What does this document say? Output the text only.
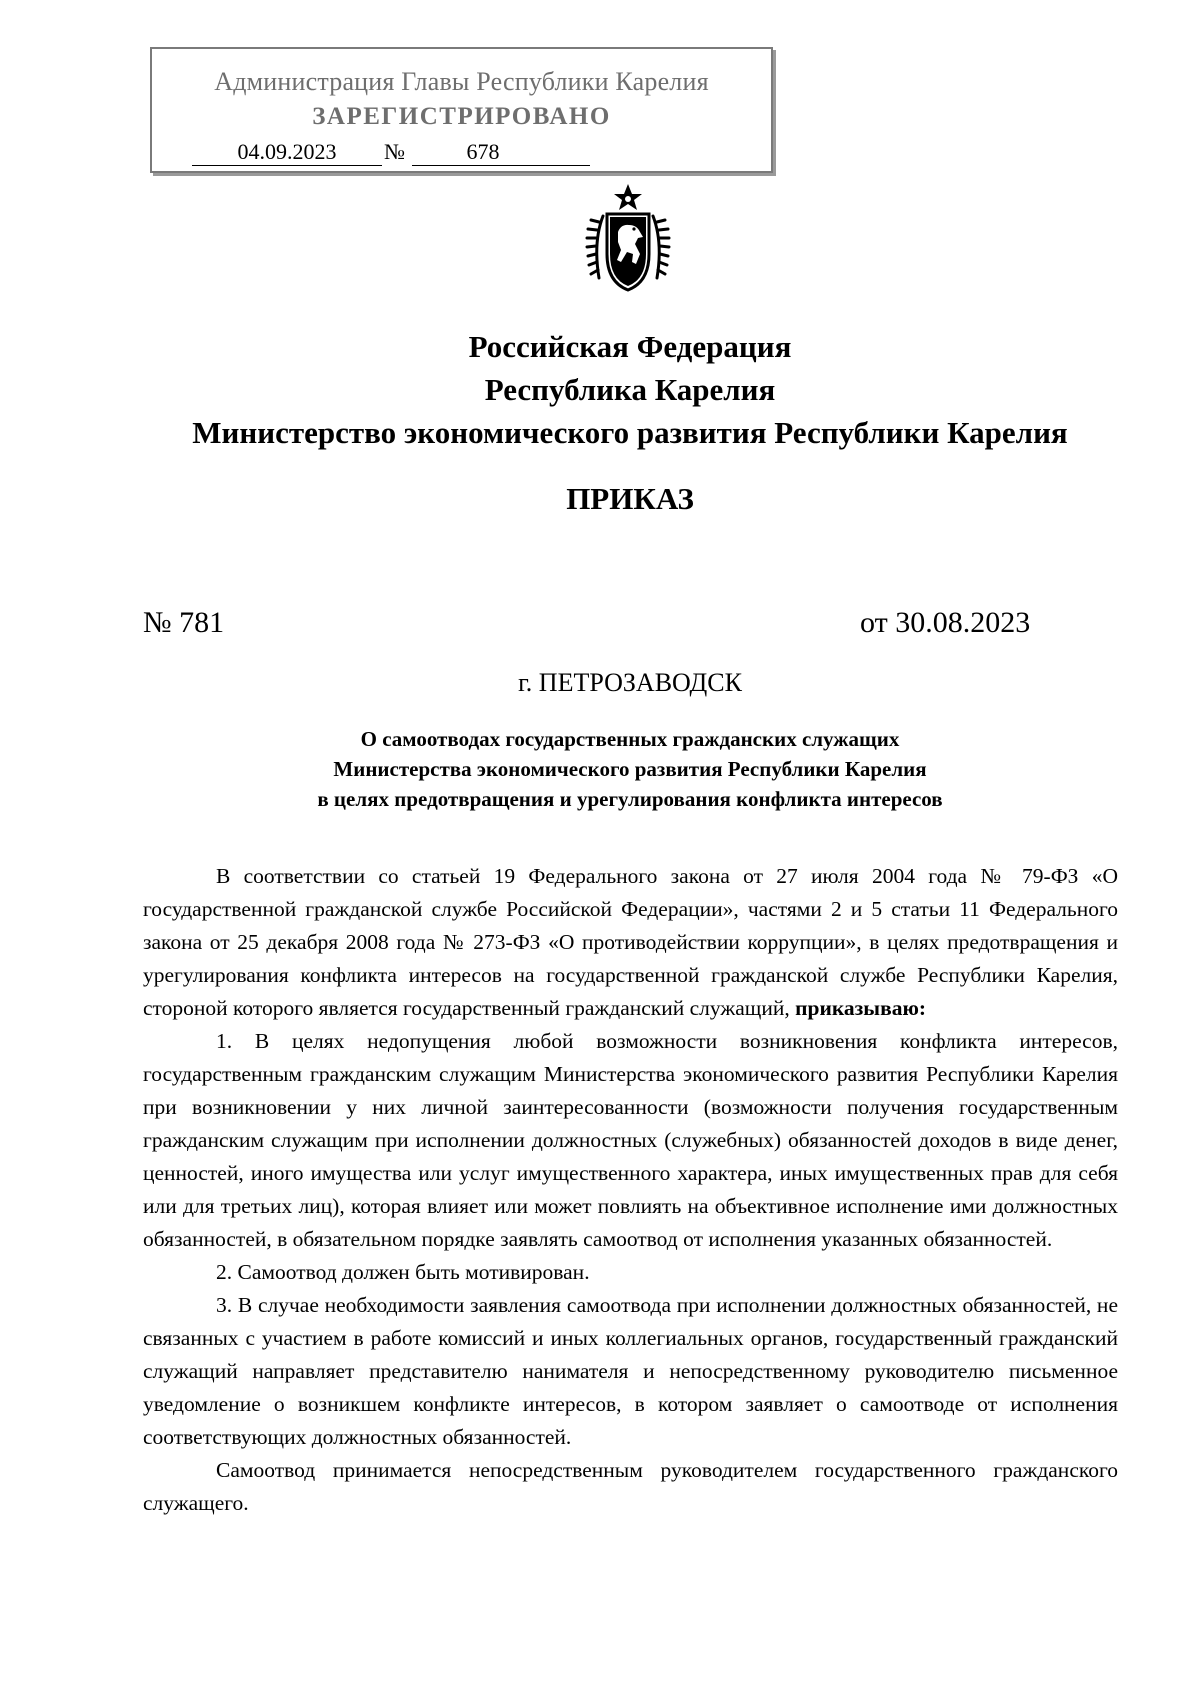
Администрация Главы Республики Карелия
ЗАРЕГИСТРИРОВАНО
04.09.2023	№	678
Российская Федерация
Республика Карелия
Министерство экономического развития Республики Карелия
ПРИКАЗ
№ 781	от 30.08.2023
г. ПЕТРОЗАВОДСК
О самоотводах государственных гражданских служащих
Министерства экономического развития Республики Карелия
в целях предотвращения и урегулирования конфликта интересов

В соответствии со статьей 19 Федерального закона от 27 июля 2004 года № 79-ФЗ «О государственной гражданской службе Российской Федерации», частями 2 и 5 статьи 11 Федерального закона от 25 декабря 2008 года № 273-ФЗ «О противодействии коррупции», в целях предотвращения и урегулирования конфликта интересов на государственной гражданской службе Республики Карелия, стороной которого является государственный гражданский служащий, приказываю:

1. В целях недопущения любой возможности возникновения конфликта интересов, государственным гражданским служащим Министерства экономического развития Республики Карелия при возникновении у них личной заинтересованности (возможности получения государственным гражданским служащим при исполнении должностных (служебных) обязанностей доходов в виде денег, ценностей, иного имущества или услуг имущественного характера, иных имущественных прав для себя или для третьих лиц), которая влияет или может повлиять на объективное исполнение ими должностных обязанностей, в обязательном порядке заявлять самоотвод от исполнения указанных обязанностей.

2. Самоотвод должен быть мотивирован.

3. В случае необходимости заявления самоотвода при исполнении должностных обязанностей, не связанных с участием в работе комиссий и иных коллегиальных органов, государственный гражданский служащий направляет представителю нанимателя и непосредственному руководителю письменное уведомление о возникшем конфликте интересов, в котором заявляет о самоотводе от исполнения соответствующих должностных обязанностей.

Самоотвод принимается непосредственным руководителем государственного гражданского служащего.
